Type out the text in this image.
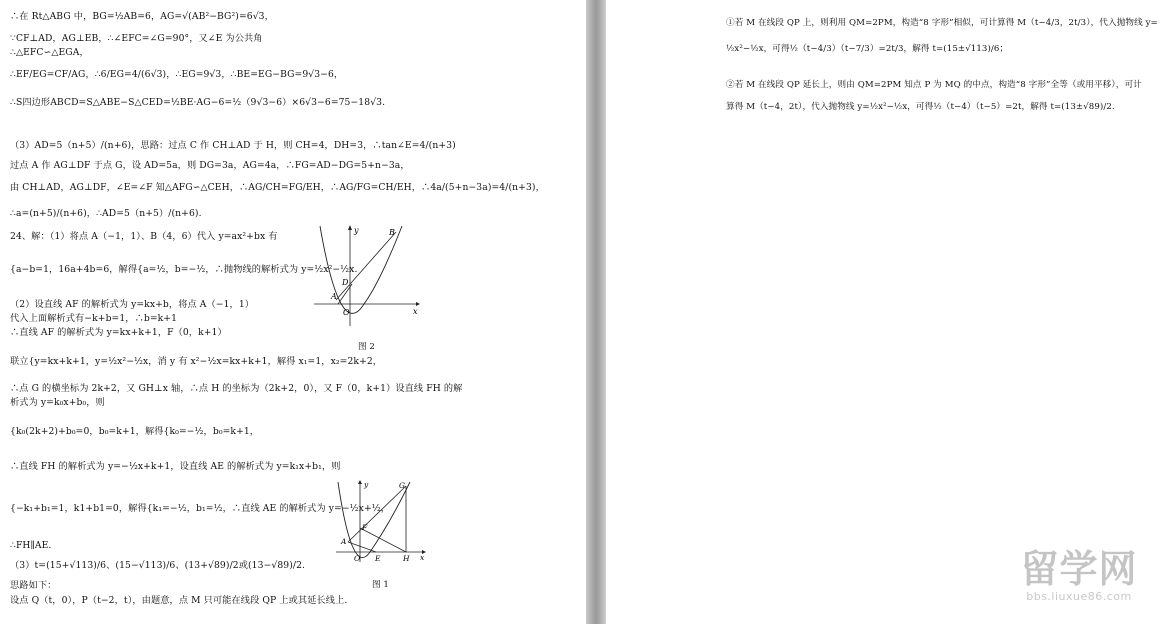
∴在 Rt△ABG 中，BG=½AB=6，AG=√(AB²−BG²)=6√3，
∵CF⊥AD，AG⊥EB，∴∠EFC=∠G=90°，又∠E 为公共角
∴△EFC∽△EGA，
∴EF/EG=CF/AG，∴6/EG=4/(6√3)，∴EG=9√3，∴BE=EG−BG=9√3−6，
∴S四边形ABCD=S△ABE−S△CED=½BE·AG−6=½（9√3−6）×6√3−6=75−18√3.
（3）AD=5（n+5）/(n+6)，思路：过点 C 作 CH⊥AD 于 H，则 CH=4，DH=3，∴tan∠E=4/(n+3)
过点 A 作 AG⊥DF 于点 G，设 AD=5a，则 DG=3a，AG=4a，∴FG=AD−DG=5+n−3a，
由 CH⊥AD，AG⊥DF，∠E=∠F 知△AFG∽△CEH，∴AG/CH=FG/EH，∴AG/FG=CH/EH，∴4a/(5+n−3a)=4/(n+3)，
∴a=(n+5)/(n+6)，∴AD=5（n+5）/(n+6).
24、解：（1）将点 A（−1，1）、B（4，6）代入 y=ax²+bx 有
{a−b=1，16a+4b=6，解得{a=½，b=−½，∴抛物线的解析式为 y=½x²−½x.
（2）设直线 AF 的解析式为 y=kx+b，将点 A（−1，1）
代入上面解析式有−k+b=1，∴b=k+1
∴直线 AF 的解析式为 y=kx+k+1，F（0，k+1）
联立{y=kx+k+1，y=½x²−½x，消 y 有 x²−½x=kx+k+1，解得 x₁=1，x₂=2k+2，
∴点 G 的横坐标为 2k+2，又 GH⊥x 轴，∴点 H 的坐标为（2k+2，0），又 F（0，k+1）设直线 FH 的解
析式为 y=k₀x+b₀，则
{k₀(2k+2)+b₀=0，b₀=k+1，解得{k₀=−½，b₀=k+1，
∴直线 FH 的解析式为 y=−½x+k+1，设直线 AE 的解析式为 y=k₁x+b₁，则
{−k₁+b₁=1，k1+b1=0，解得{k₁=−½，b₁=½，∴直线 AE 的解析式为 y=−½x+½，
∴FH∥AE.
（3）t=(15+√113)/6、(15−√113)/6、(13+√89)/2或(13−√89)/2.
思路如下：
设点 Q（t，0），P（t−2，t），由题意，点 M 只可能在线段 QP 上或其延长线上.
y
x
B
D
A
O
图 2
y
x
G
F
A
O E	H
图 1
①若 M 在线段 QP 上，则利用 QM=2PM，构造“8 字形”相似，可计算得 M（t−4/3，2t/3），代入抛物线 y=
½x²−½x，可得½（t−4/3）（t−7/3）=2t/3，解得 t=(15±√113)/6；
②若 M 在线段 QP 延长上，则由 QM=2PM 知点 P 为 MQ 的中点，构造“8 字形”全等（或用平移），可计
算得 M（t−4，2t），代入抛物线 y=½x²−½x，可得½（t−4）（t−5）=2t，解得 t=(13±√89)/2.
留学网
bbs.liuxue86.com
